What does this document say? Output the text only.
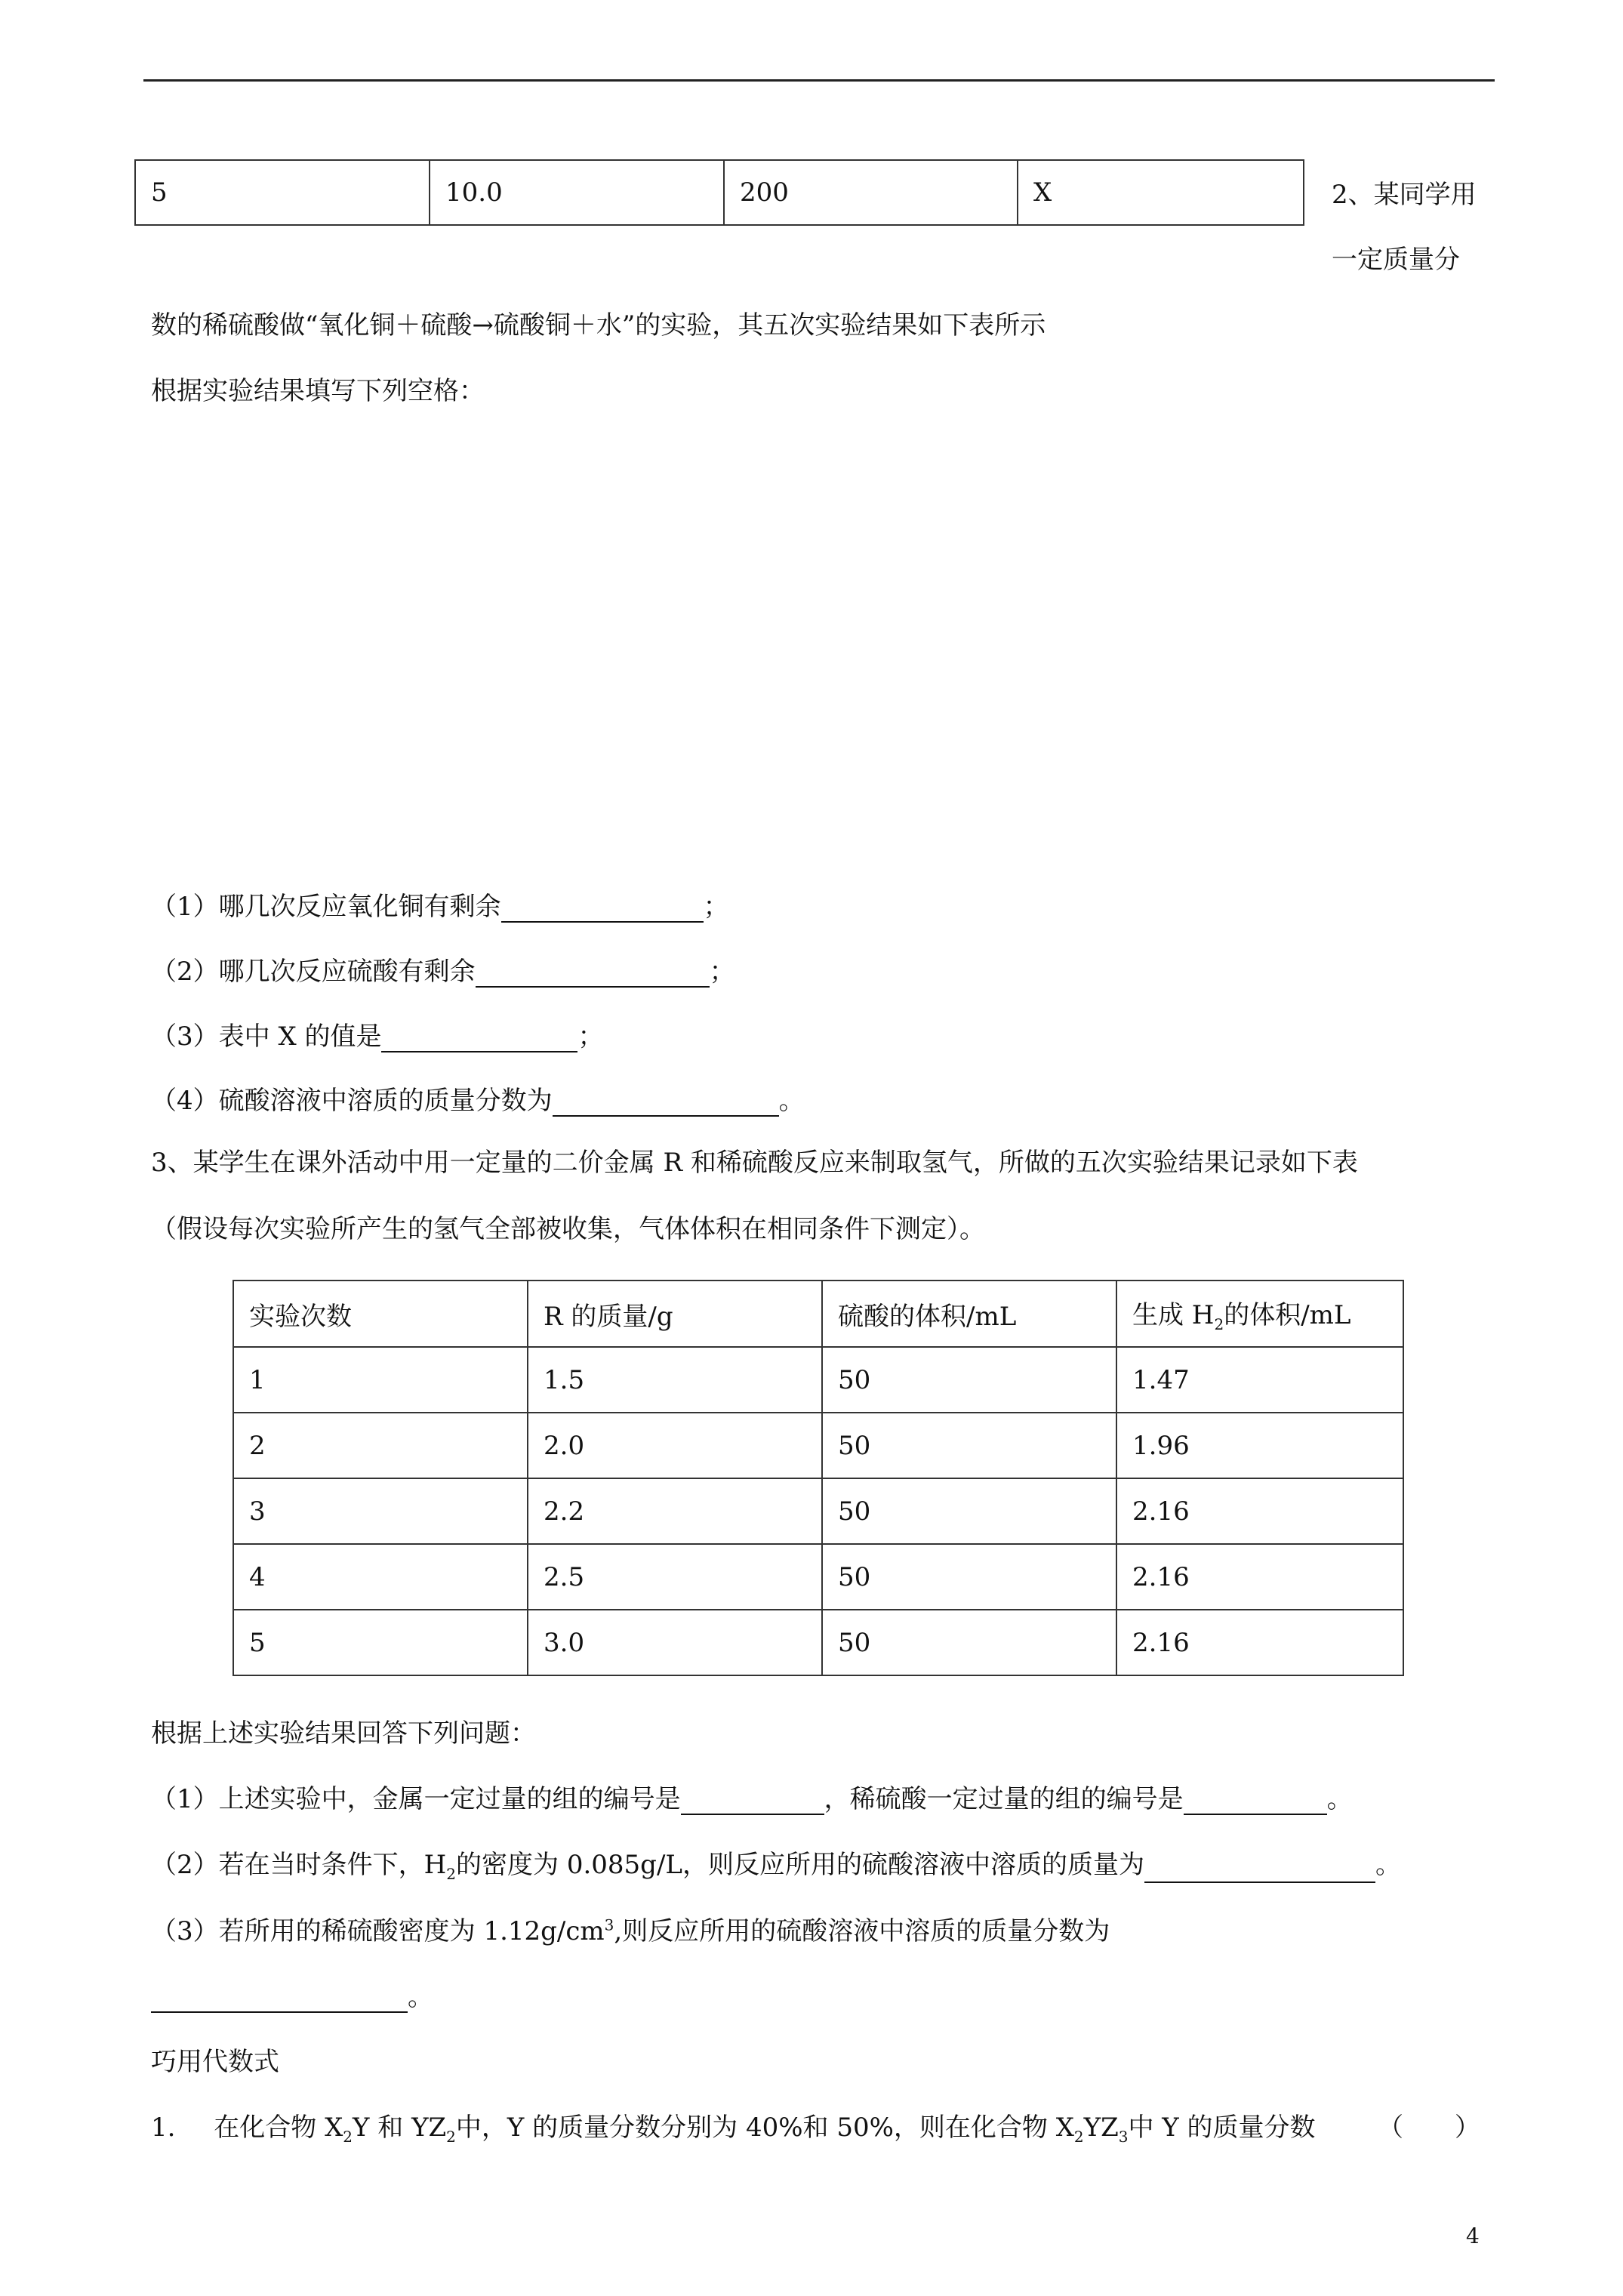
5	10.0	200	X	2、某同学用
一定质量分
数的稀硫酸做“氧化铜＋硫酸→硫酸铜＋水”的实验，其五次实验结果如下表所示
根据实验结果填写下列空格：
（1）哪几次反应氧化铜有剩余	；
（2）哪几次反应硫酸有剩余	；
（3）表中 X 的值是	；
（4）硫酸溶液中溶质的质量分数为	。
3、某学生在课外活动中用一定量的二价金属 R 和稀硫酸反应来制取氢气，所做的五次实验结果记录如下表
（假设每次实验所产生的氢气全部被收集，气体体积在相同条件下测定）。
实验次数	R 的质量/g	硫酸的体积/mL	生成 $H_2$的体积/mL
1	1.5	50	1.47
2	2.0	50	1.96
3	2.2	50	2.16
4	2.5	50	2.16
5	3.0	50	2.16
根据上述实验结果回答下列问题：
（1）上述实验中，金属一定过量的组的编号是	，稀硫酸一定过量的组的编号是	。
（2）若在当时条件下，$H_2$的密度为 0.085g/L，则反应所用的硫酸溶液中溶质的质量为	。
（3）若所用的稀硫酸密度为 $1.12g/cm^3$,则反应所用的硫酸溶液中溶质的质量分数为
。
巧用代数式
1. 在化合物 $X_2Y$ 和 $YZ_2$中，Y 的质量分数分别为 40%和 50%，则在化合物 $X_2YZ_3$中 Y 的质量分数 （　　）
4
